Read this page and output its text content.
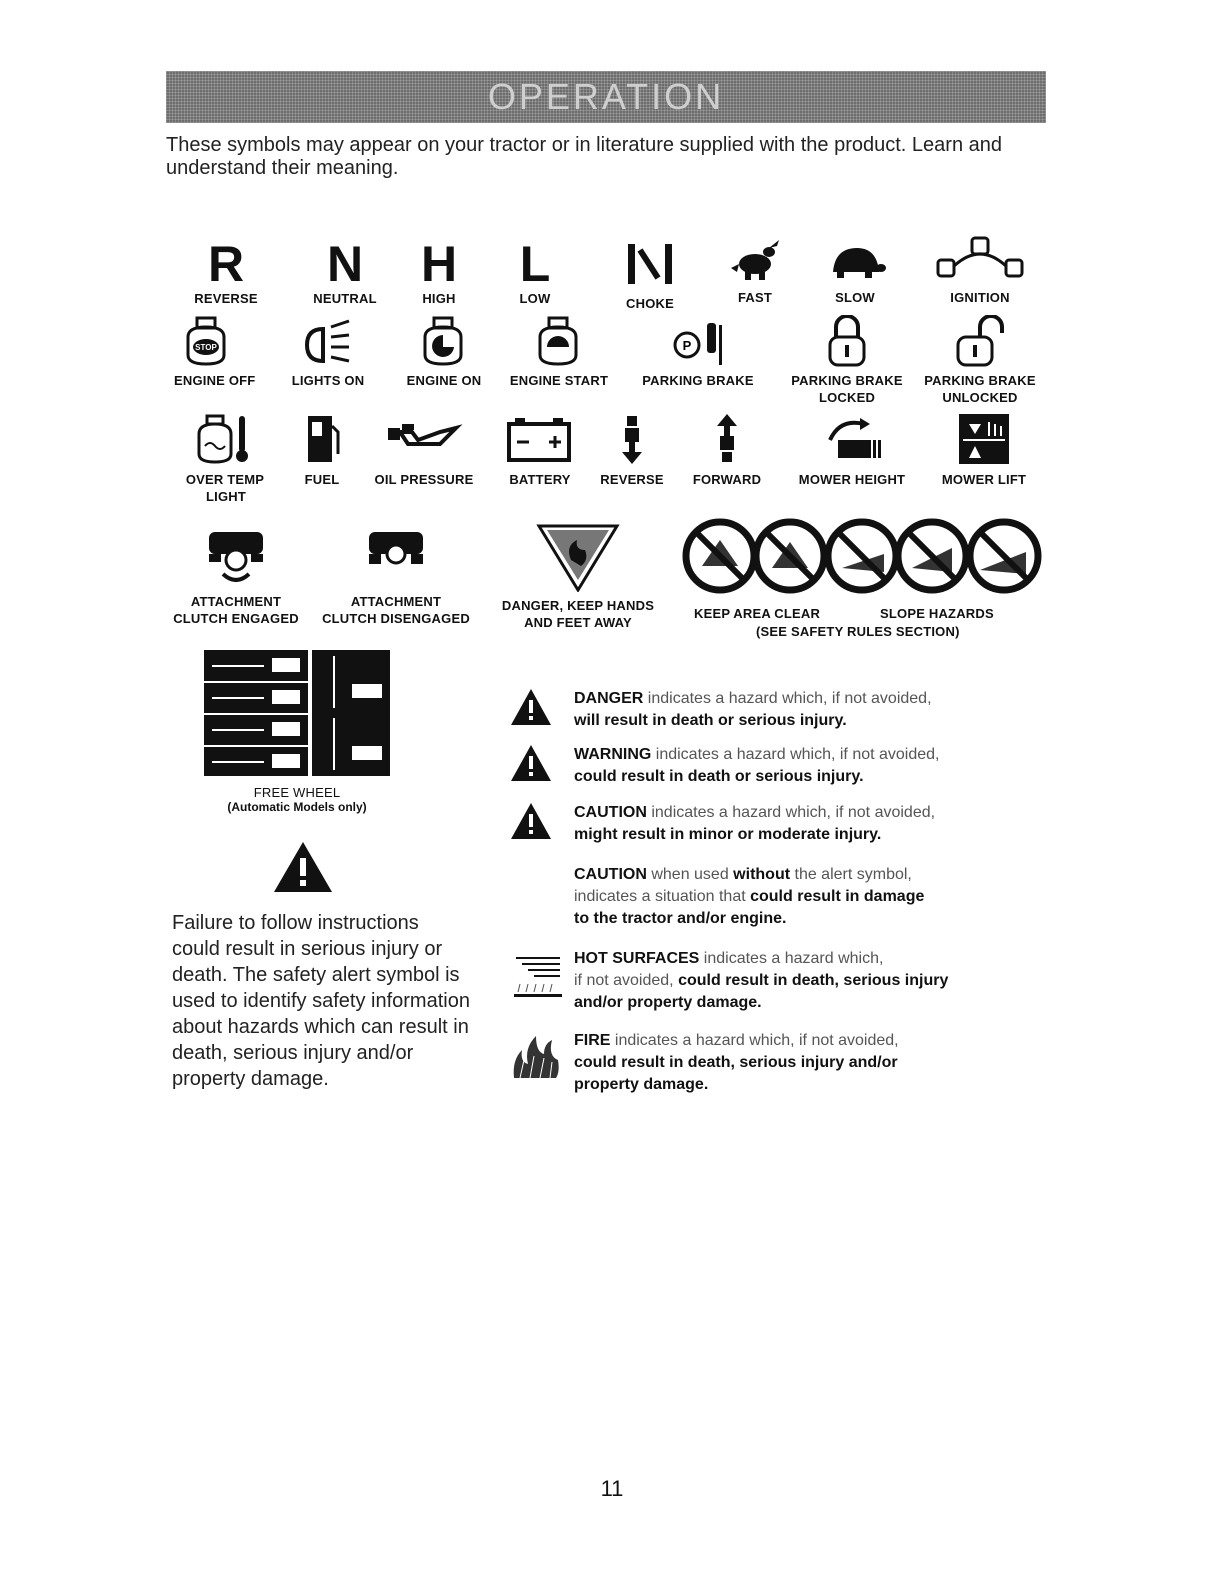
OPERATION
These symbols may appear on your tractor or in literature supplied with the product. Learn and understand their meaning.
R
REVERSE
N
NEUTRAL
H
HIGH
L
LOW	CHOKE	FAST	SLOW	IGNITION
STOP
ENGINE OFF	LIGHTS ON	ENGINE ON	ENGINE START
P
PARKING BRAKE	PARKING BRAKE
LOCKED
PARKING BRAKE
UNLOCKED
OVER TEMP
LIGHT
FUEL	OIL PRESSURE	BATTERY	REVERSE	FORWARD	MOWER HEIGHT	MOWER LIFT
ATTACHMENT
CLUTCH ENGAGED
ATTACHMENT
CLUTCH DISENGAGED
DANGER, KEEP HANDS
AND FEET AWAY
KEEP AREA CLEAR	SLOPE HAZARDS
(SEE SAFETY RULES SECTION)
FREE WHEEL
(Automatic Models only)
Failure to follow instructions could result in serious injury or death. The safety alert symbol is used to identify safety information about hazards which can result in death, serious injury and/or property damage.
DANGER indicates a hazard which, if not avoided,
will result in death or serious injury.
WARNING indicates a hazard which, if not avoided,
could result in death or serious injury.
CAUTION indicates a hazard which, if not avoided,
might result in minor or moderate injury.
CAUTION when used without the alert symbol,
indicates a situation that could result in damage
to the tractor and/or engine.
HOT SURFACES indicates a hazard which,
if not avoided, could result in death, serious injury
and/or property damage.
FIRE indicates a hazard which, if not avoided,
could result in death, serious injury and/or
property damage.
11
